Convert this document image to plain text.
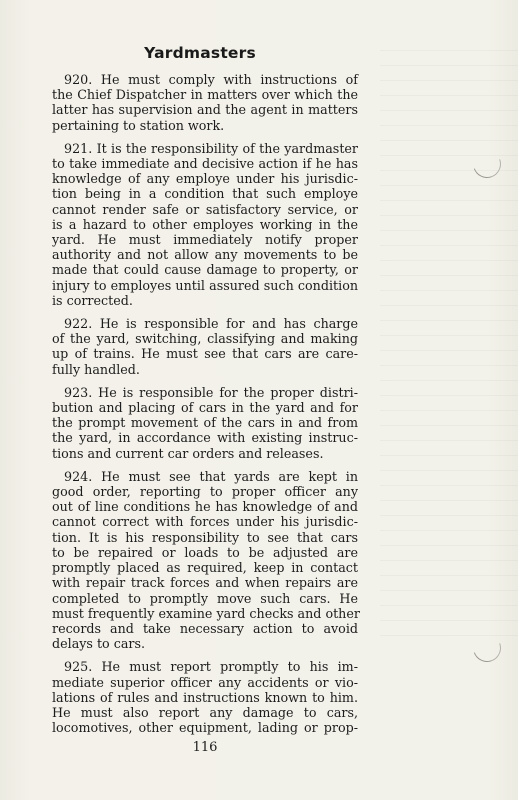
Yardmasters
920. He must comply with instructions of
the Chief Dispatcher in matters over which the
latter has supervision and the agent in matters
pertaining to station work.
921. It is the responsibility of the yardmaster
to take immediate and decisive action if he has
knowledge of any employe under his jurisdic-
tion being in a condition that such employe
cannot render safe or satisfactory service, or
is a hazard to other employes working in the
yard. He must immediately notify proper
authority and not allow any movements to be
made that could cause damage to property, or
injury to employes until assured such condition
is corrected.
922. He is responsible for and has charge
of the yard, switching, classifying and making
up of trains. He must see that cars are care-
fully handled.
923. He is responsible for the proper distri-
bution and placing of cars in the yard and for
the prompt movement of the cars in and from
the yard, in accordance with existing instruc-
tions and current car orders and releases.
924. He must see that yards are kept in
good order, reporting to proper officer any
out of line conditions he has knowledge of and
cannot correct with forces under his jurisdic-
tion. It is his responsibility to see that cars
to be repaired or loads to be adjusted are
promptly placed as required, keep in contact
with repair track forces and when repairs are
completed to promptly move such cars. He
must frequently examine yard checks and other
records and take necessary action to avoid
delays to cars.
925. He must report promptly to his im-
mediate superior officer any accidents or vio-
lations of rules and instructions known to him.
He must also report any damage to cars,
locomotives, other equipment, lading or prop-
116
